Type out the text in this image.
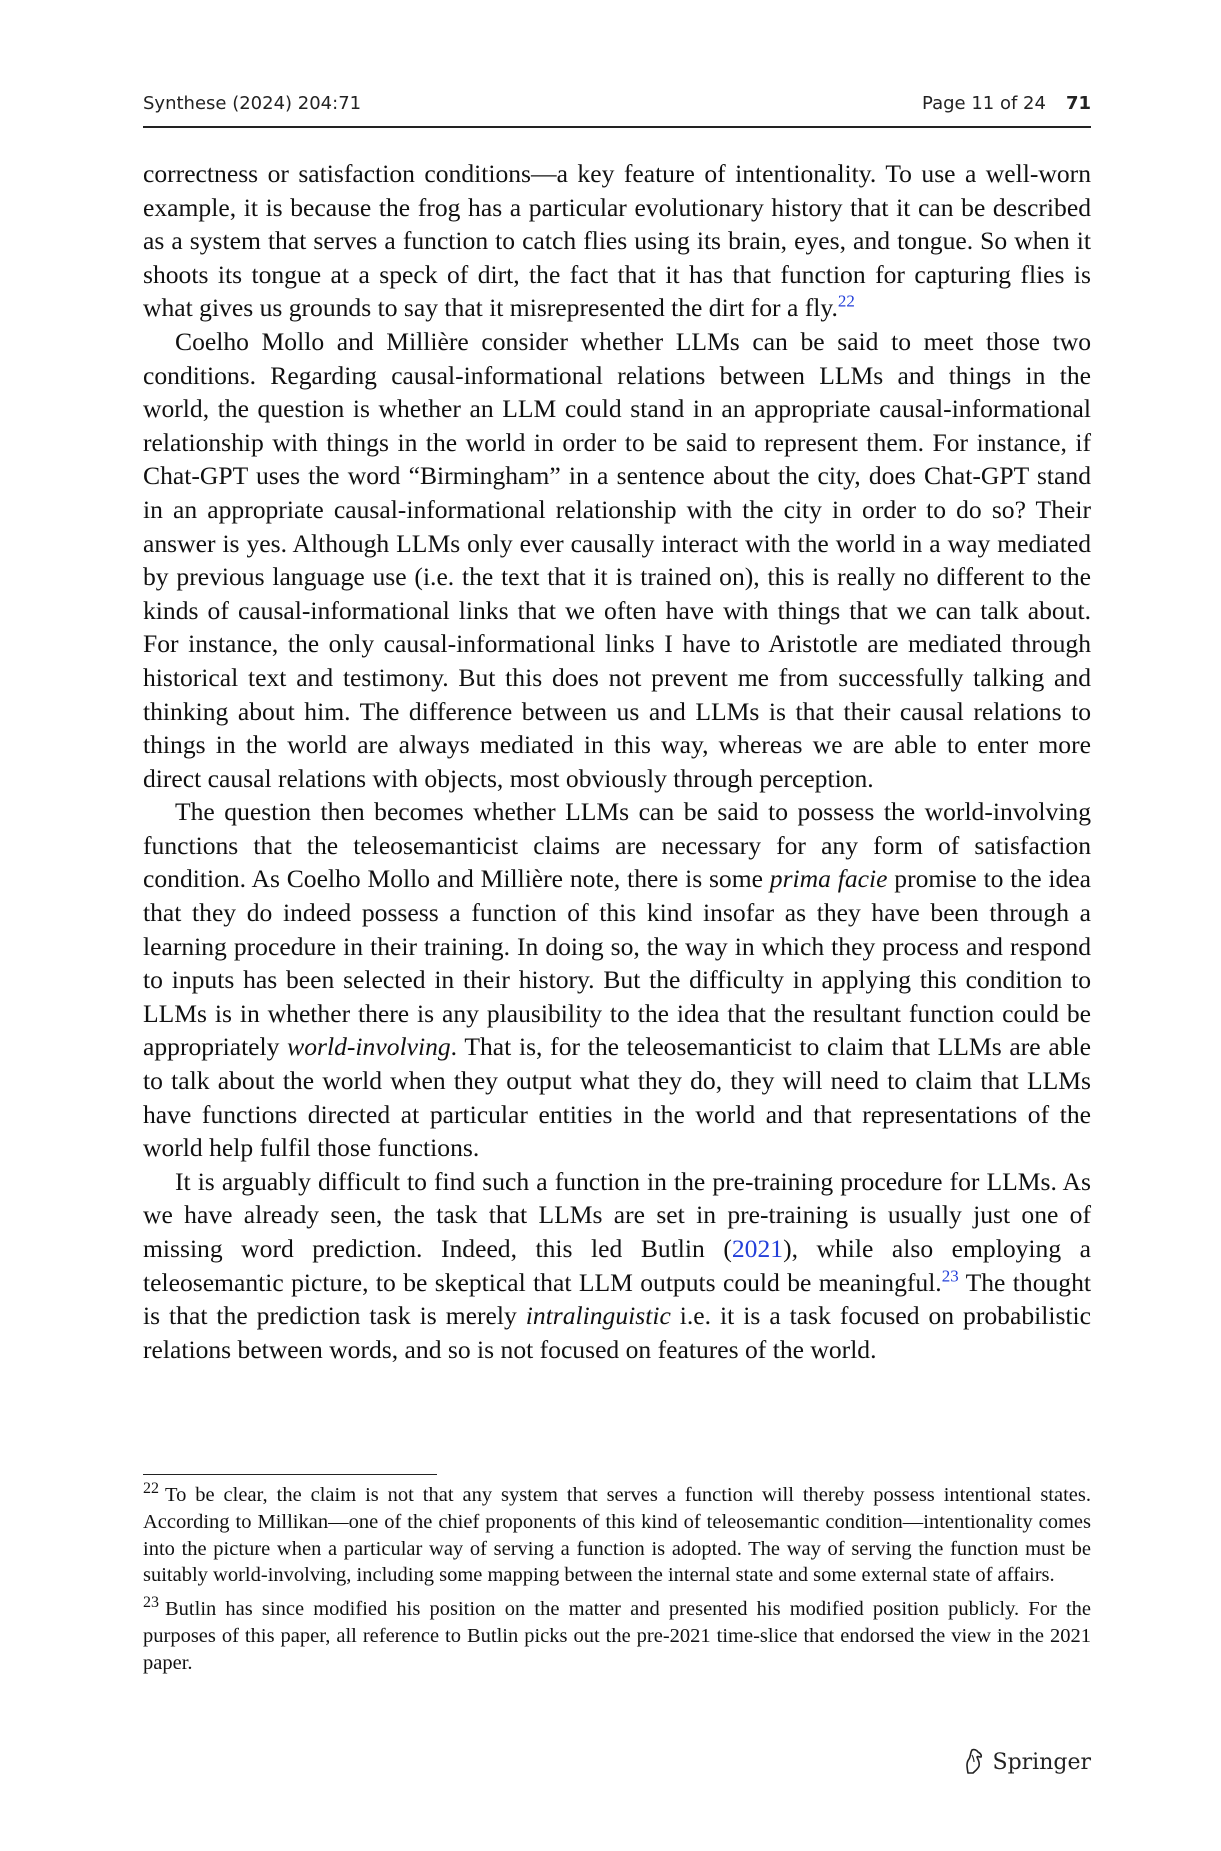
Synthese (2024) 204:71	Page 11 of 24 71

correctness or satisfaction conditions—a key feature of intentionality. To use a well-worn example, it is because the frog has a particular evolutionary history that it can be described as a system that serves a function to catch flies using its brain, eyes, and tongue. So when it shoots its tongue at a speck of dirt, the fact that it has that function for capturing flies is what gives us grounds to say that it misrepresented the dirt for a fly.$^{22}$

Coelho Mollo and Millière consider whether LLMs can be said to meet those two conditions. Regarding causal-informational relations between LLMs and things in the world, the question is whether an LLM could stand in an appropriate causal-informational relationship with things in the world in order to be said to represent them. For instance, if Chat-GPT uses the word “Birmingham” in a sentence about the city, does Chat-GPT stand in an appropriate causal-informational relationship with the city in order to do so? Their answer is yes. Although LLMs only ever causally interact with the world in a way mediated by previous language use (i.e. the text that it is trained on), this is really no different to the kinds of causal-informational links that we often have with things that we can talk about. For instance, the only causal-informational links I have to Aristotle are mediated through historical text and testimony. But this does not prevent me from successfully talking and thinking about him. The difference between us and LLMs is that their causal relations to things in the world are always mediated in this way, whereas we are able to enter more direct causal relations with objects, most obviously through perception.

The question then becomes whether LLMs can be said to possess the world-involving functions that the teleosemanticist claims are necessary for any form of satisfaction condition. As Coelho Mollo and Millière note, there is some prima facie promise to the idea that they do indeed possess a function of this kind insofar as they have been through a learning procedure in their training. In doing so, the way in which they process and respond to inputs has been selected in their history. But the difficulty in applying this condition to LLMs is in whether there is any plausibility to the idea that the resultant function could be appropriately world-involving. That is, for the teleosemanticist to claim that LLMs are able to talk about the world when they output what they do, they will need to claim that LLMs have functions directed at particular entities in the world and that representations of the world help fulfil those functions.

It is arguably difficult to find such a function in the pre-training procedure for LLMs. As we have already seen, the task that LLMs are set in pre-training is usually just one of missing word prediction. Indeed, this led Butlin (2021), while also employing a teleosemantic picture, to be skeptical that LLM outputs could be meaningful.$^{23}$ The thought is that the prediction task is merely intralinguistic i.e. it is a task focused on probabilistic relations between words, and so is not focused on features of the world.

$^{22}$ To be clear, the claim is not that any system that serves a function will thereby possess intentional states. According to Millikan—one of the chief proponents of this kind of teleosemantic condition—intentionality comes into the picture when a particular way of serving a function is adopted. The way of serving the function must be suitably world-involving, including some mapping between the internal state and some external state of affairs.

$^{23}$ Butlin has since modified his position on the matter and presented his modified position publicly. For the purposes of this paper, all reference to Butlin picks out the pre-2021 time-slice that endorsed the view in the 2021 paper.

Springer
